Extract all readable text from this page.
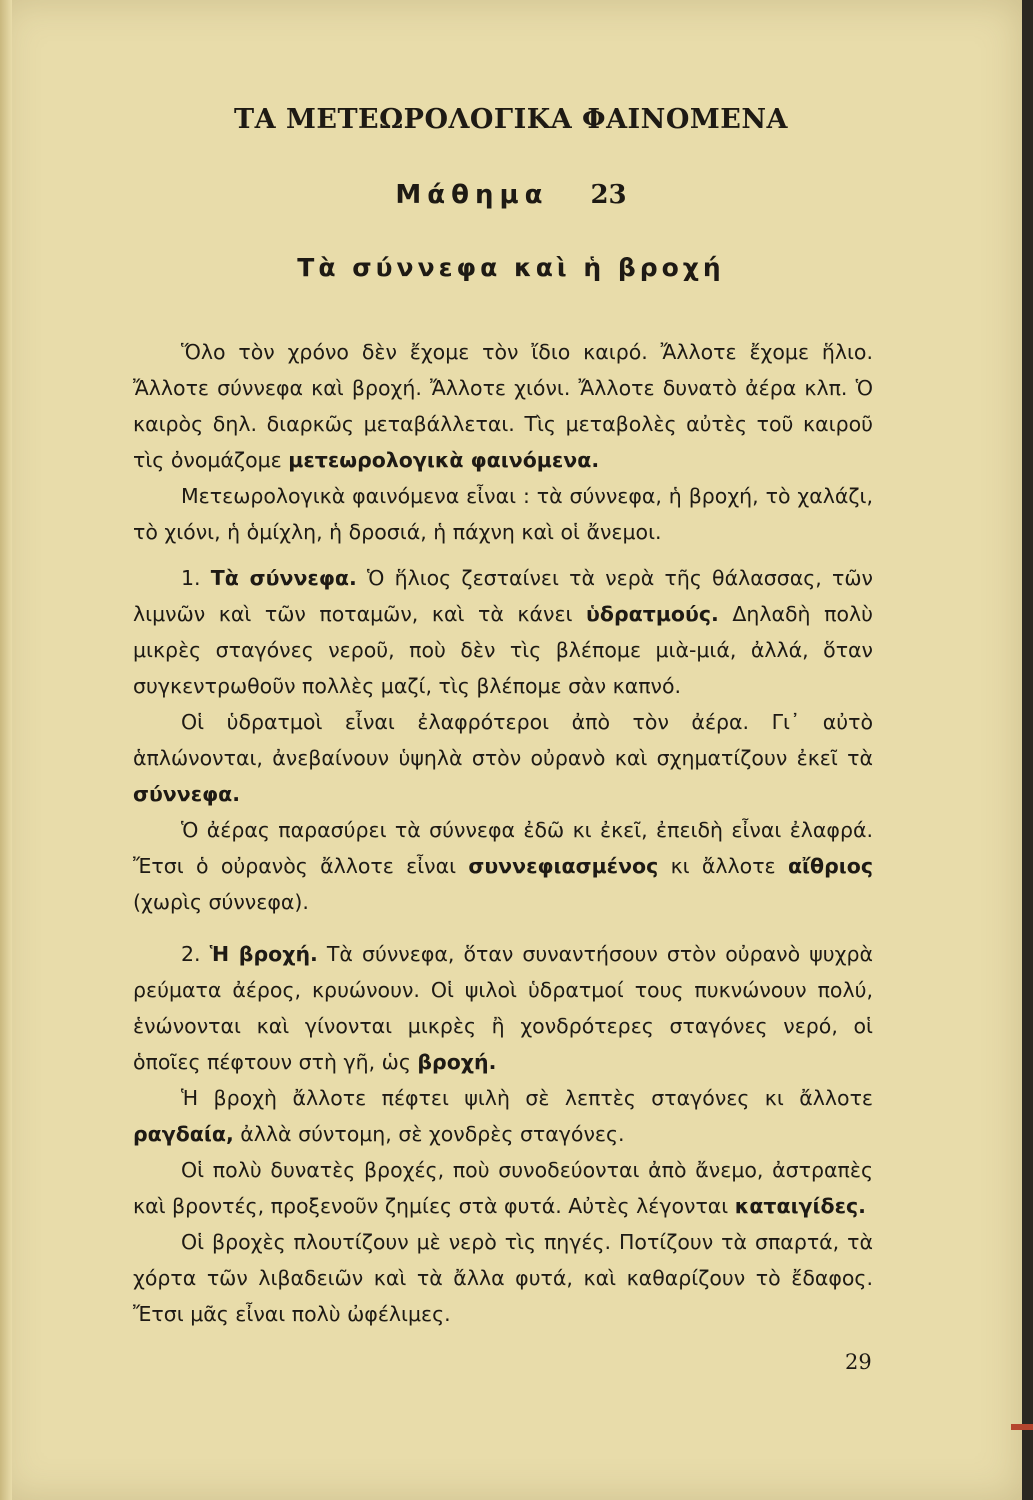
ΤΑ ΜΕΤΕΩΡΟΛΟΓΙΚΑ ΦΑΙΝΟΜΕΝΑ
Μάθημα 23
Τὰ σύννεφα καὶ ἡ βροχή

Ὅλο τὸν χρόνο δὲν ἔχομε τὸν ἴδιο καιρό. Ἄλλοτε ἔχομε ἥλιο. Ἄλλοτε σύννεφα καὶ βροχή. Ἄλλοτε χιόνι. Ἄλλοτε δυνατὸ ἀέρα κλπ. Ὁ καιρὸς δηλ. διαρκῶς μεταβάλλεται. Τὶς μεταβολὲς αὐτὲς τοῦ καιροῦ τὶς ὀνομάζομε μετεωρολογικὰ φαινόμενα.

Μετεωρολογικὰ φαινόμενα εἶναι : τὰ σύννεφα, ἡ βροχή, τὸ χαλάζι, τὸ χιόνι, ἡ ὁμίχλη, ἡ δροσιά, ἡ πάχνη καὶ οἱ ἄνεμοι.

1. Τὰ σύννεφα. Ὁ ἥλιος ζεσταίνει τὰ νερὰ τῆς θάλασσας, τῶν λιμνῶν καὶ τῶν ποταμῶν, καὶ τὰ κάνει ὑδρατμούς. Δηλαδὴ πολὺ μικρὲς σταγόνες νεροῦ, ποὺ δὲν τὶς βλέπομε μιὰ-μιά, ἀλλά, ὅταν συγκεντρωθοῦν πολλὲς μαζί, τὶς βλέπομε σὰν καπνό.

Οἱ ὑδρατμοὶ εἶναι ἐλαφρότεροι ἀπὸ τὸν ἀέρα. Γι᾿ αὐτὸ ἁπλώνονται, ἀνεβαίνουν ὑψηλὰ στὸν οὐρανὸ καὶ σχηματίζουν ἐκεῖ τὰ σύννεφα.

Ὁ ἀέρας παρασύρει τὰ σύννεφα ἐδῶ κι ἐκεῖ, ἐπειδὴ εἶναι ἐλαφρά. Ἔτσι ὁ οὐρανὸς ἄλλοτε εἶναι συννεφιασμένος κι ἄλλοτε αἴθριος (χωρὶς σύννεφα).

2. Ἡ βροχή. Τὰ σύννεφα, ὅταν συναντήσουν στὸν οὐρανὸ ψυχρὰ ρεύματα ἀέρος, κρυώνουν. Οἱ ψιλοὶ ὑδρατμοί τους πυκνώνουν πολύ, ἑνώνονται καὶ γίνονται μικρὲς ἢ χονδρότερες σταγόνες νερό, οἱ ὁποῖες πέφτουν στὴ γῆ, ὡς βροχή.

Ἡ βροχὴ ἄλλοτε πέφτει ψιλὴ σὲ λεπτὲς σταγόνες κι ἄλλοτε ραγδαία, ἀλλὰ σύντομη, σὲ χονδρὲς σταγόνες.

Οἱ πολὺ δυνατὲς βροχές, ποὺ συνοδεύονται ἀπὸ ἄνεμο, ἀστραπὲς καὶ βροντές, προξενοῦν ζημίες στὰ φυτά. Αὐτὲς λέγονται καταιγίδες.

Οἱ βροχὲς πλουτίζουν μὲ νερὸ τὶς πηγές. Ποτίζουν τὰ σπαρτά, τὰ χόρτα τῶν λιβαδειῶν καὶ τὰ ἄλλα φυτά, καὶ καθαρίζουν τὸ ἔδαφος. Ἔτσι μᾶς εἶναι πολὺ ὠφέλιμες.

29
